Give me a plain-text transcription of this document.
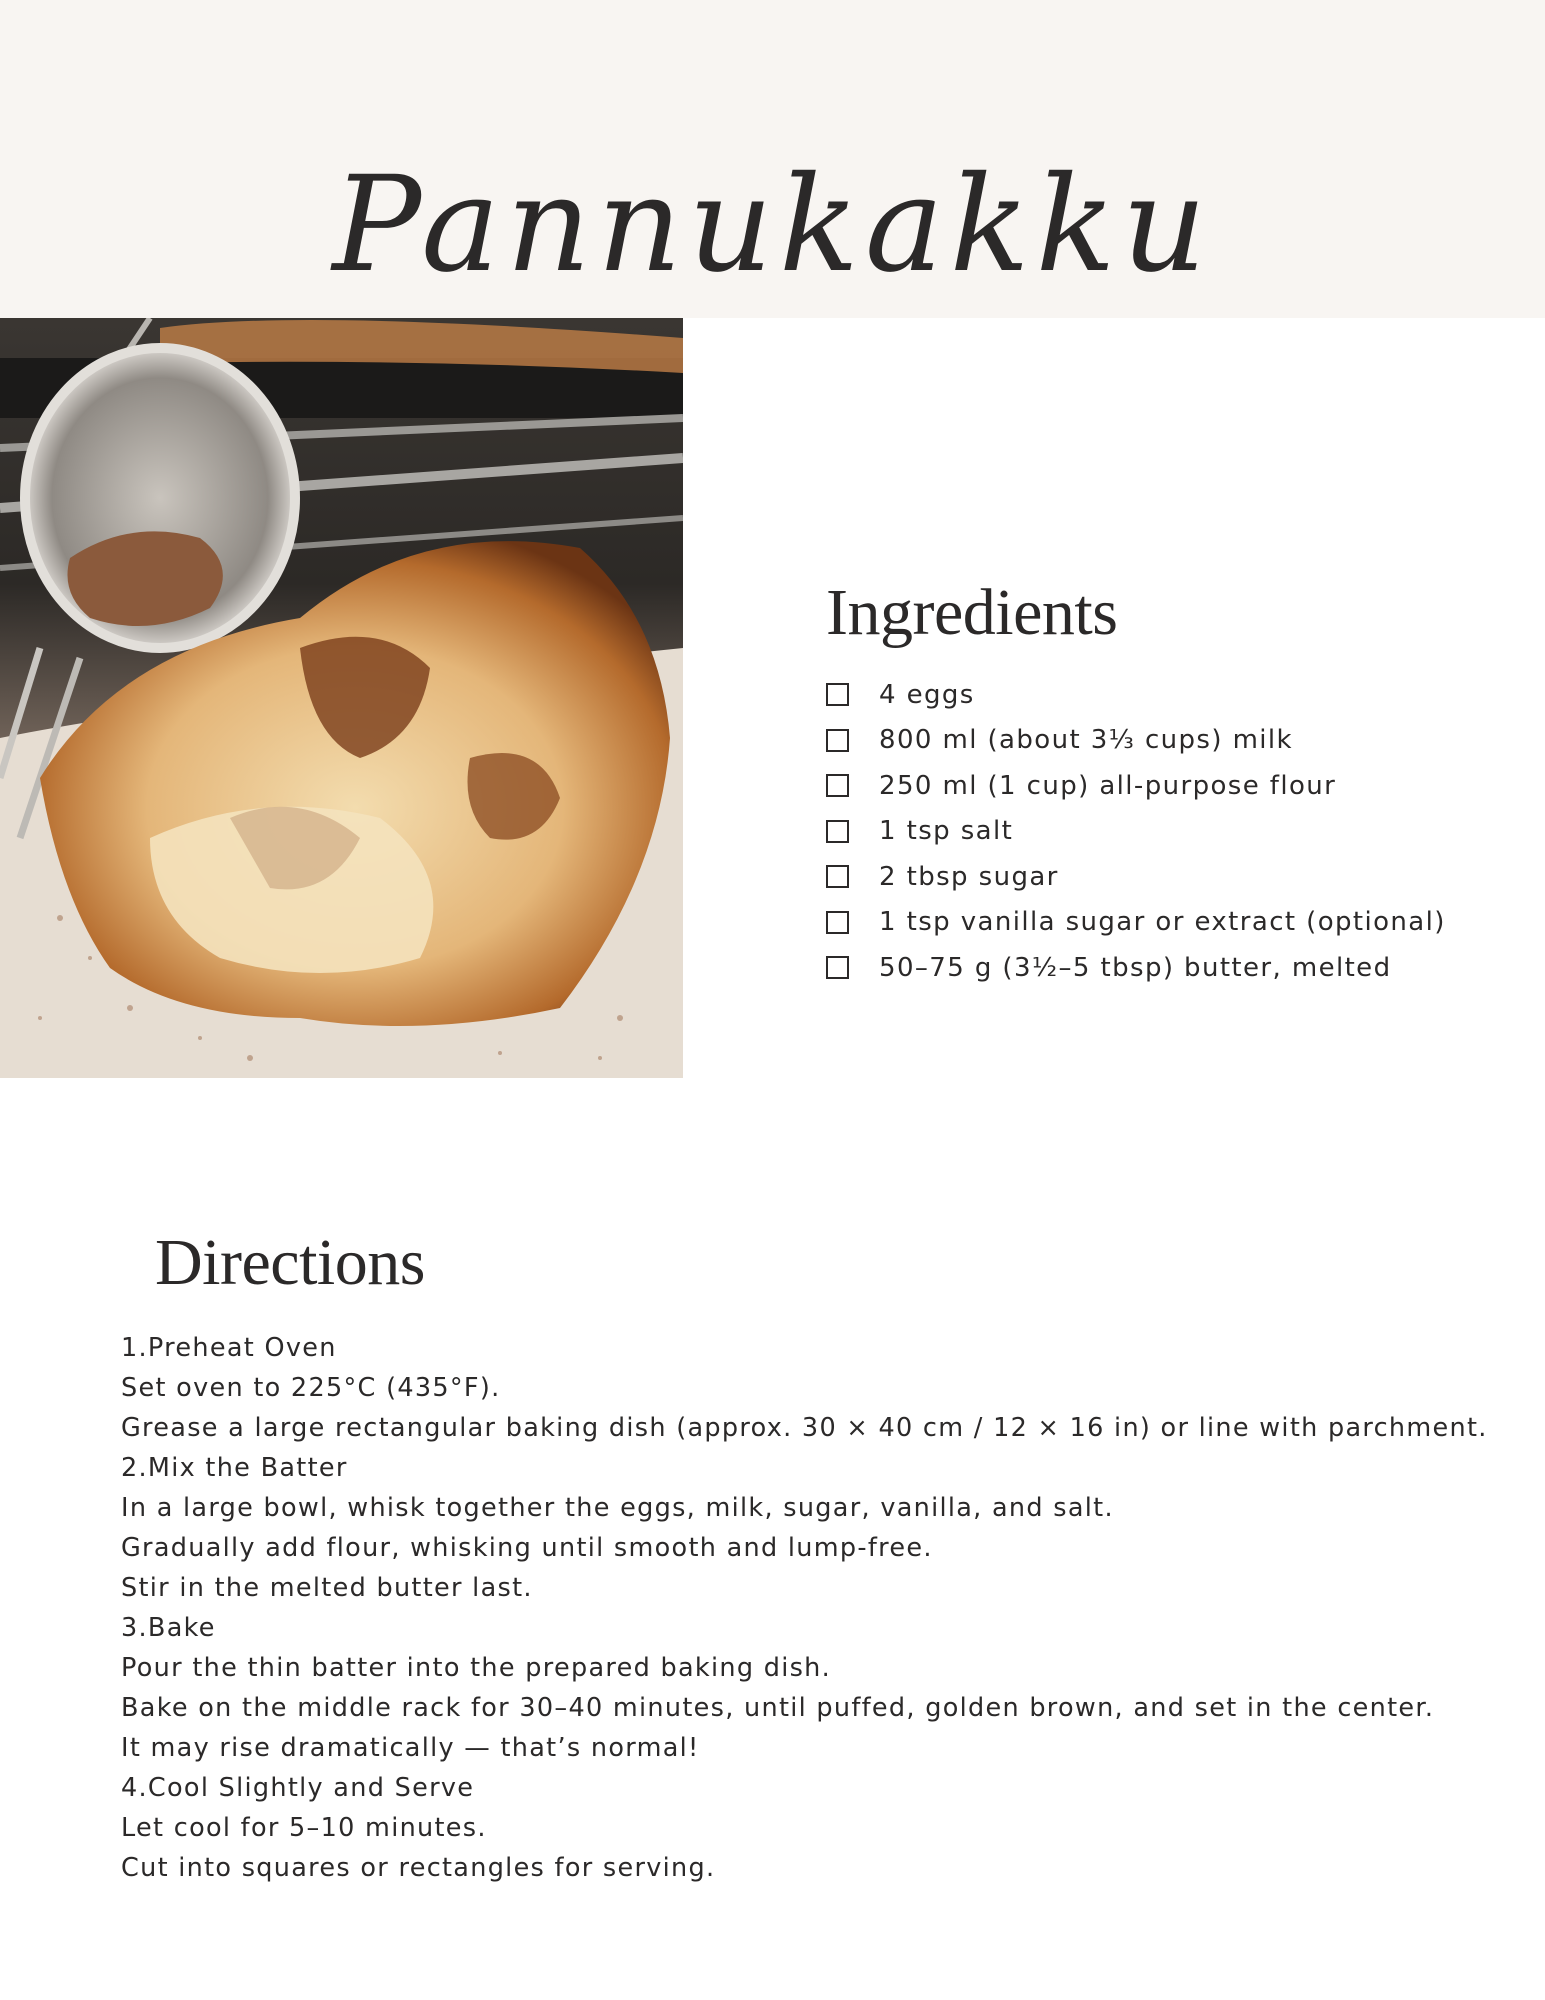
Pannukakku
Ingredients
4 eggs
800 ml (about 3⅓ cups) milk
250 ml (1 cup) all-purpose flour
1 tsp salt
2 tbsp sugar
1 tsp vanilla sugar or extract (optional)
50–75 g (3½–5 tbsp) butter, melted
Directions
1.Preheat Oven
Set oven to 225°C (435°F).
Grease a large rectangular baking dish (approx. 30 × 40 cm / 12 × 16 in) or line with parchment.
2.Mix the Batter
In a large bowl, whisk together the eggs, milk, sugar, vanilla, and salt.
Gradually add flour, whisking until smooth and lump-free.
Stir in the melted butter last.
3.Bake
Pour the thin batter into the prepared baking dish.
Bake on the middle rack for 30–40 minutes, until puffed, golden brown, and set in the center.
It may rise dramatically — that’s normal!
4.Cool Slightly and Serve
Let cool for 5–10 minutes.
Cut into squares or rectangles for serving.
